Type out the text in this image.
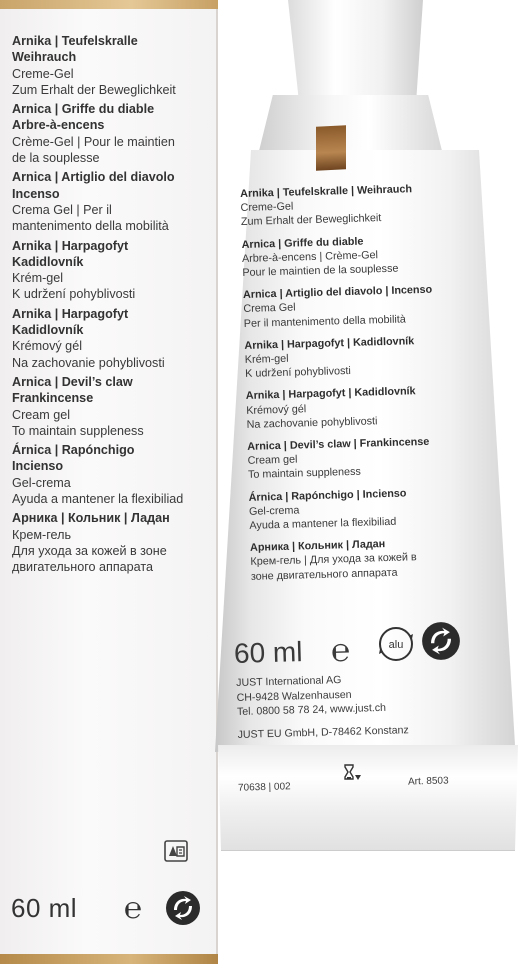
Arnika | Teufelskralle
Weihrauch
Creme-Gel
Zum Erhalt der Beweglichkeit
Arnica | Griffe du diable
Arbre-à-encens
Crème-Gel | Pour le maintien
de la souplesse
Arnica | Artiglio del diavolo
Incenso
Crema Gel | Per il
mantenimento della mobilità
Arnika | Harpagofyt
Kadidlovník
Krém-gel
K udržení pohyblivosti
Arnika | Harpagofyt
Kadidlovník
Krémový gél
Na zachovanie pohyblivosti
Arnica | Devil’s claw
Frankincense
Cream gel
To maintain suppleness
Árnica | Rapónchigo
Incienso
Gel-crema
Ayuda a mantener la flexibiliad
Арника | Кольник | Ладан
Крем-гель
Для ухода за кожей в зоне
двигательного аппарата
60 ml ℮
Arnika | Teufelskralle | Weihrauch
Creme-Gel
Zum Erhalt der Beweglichkeit
Arnica | Griffe du diable
Arbre-à-encens | Crème-Gel
Pour le maintien de la souplesse
Arnica | Artiglio del diavolo | Incenso
Crema Gel
Per il mantenimento della mobilità
Arnika | Harpagofyt | Kadidlovník
Krém-gel
K udržení pohyblivosti
Arnika | Harpagofyt | Kadidlovník
Krémový gél
Na zachovanie pohyblivosti
Arnica | Devil’s claw | Frankincense
Cream gel
To maintain suppleness
Árnica | Rapónchigo | Incienso
Gel-crema
Ayuda a mantener la flexibiliad
Арника | Кольник | Ладан
Крем-гель | Для ухода за кожей в
зоне двигательного аппарата
60 ml ℮	alu
JUST International AG
CH-9428 Walzenhausen
Tel. 0800 58 78 24, www.just.ch
JUST EU GmbH, D-78462 Konstanz
70638 | 002	Art. 8503
